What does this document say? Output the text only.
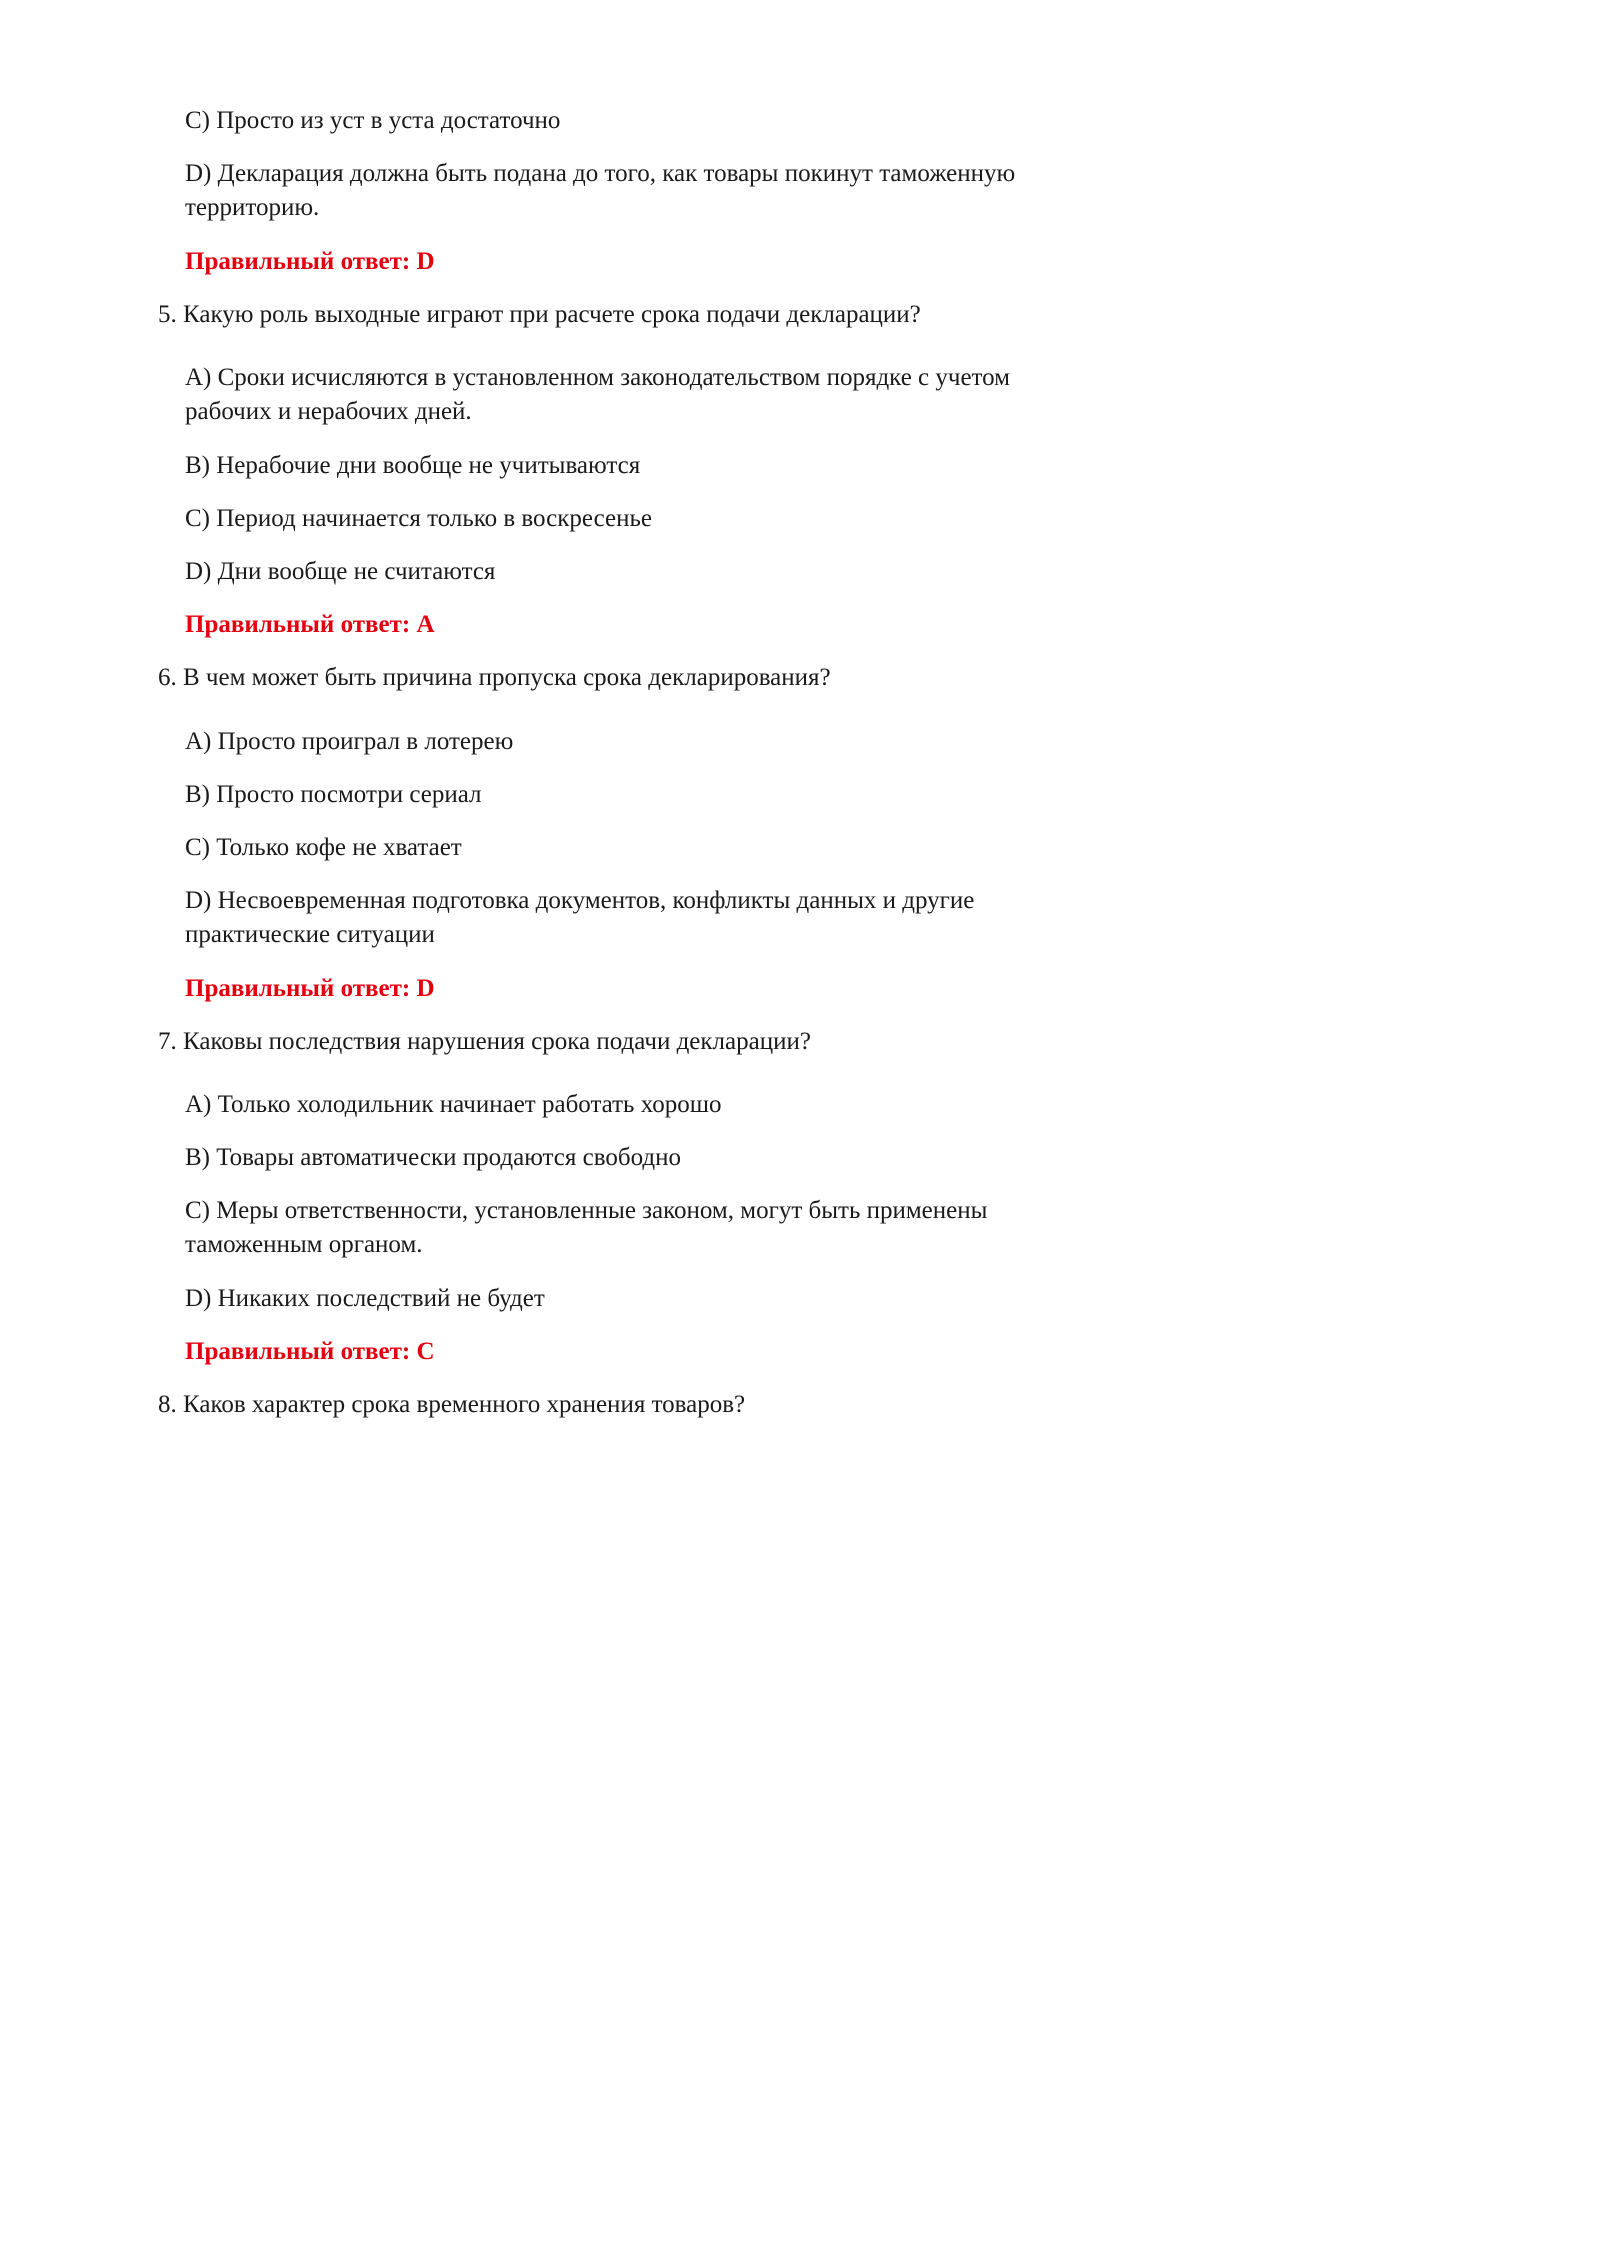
C) Просто из уст в уста достаточно
D) Декларация должна быть подана до того, как товары покинут таможенную территорию.
Правильный ответ: D
5. Какую роль выходные играют при расчете срока подачи декларации?
A) Сроки исчисляются в установленном законодательством порядке с учетом рабочих и нерабочих дней.
B) Нерабочие дни вообще не учитываются
C) Период начинается только в воскресенье
D) Дни вообще не считаются
Правильный ответ: A
6. В чем может быть причина пропуска срока декларирования?
A) Просто проиграл в лотерею
B) Просто посмотри сериал
C) Только кофе не хватает
D) Несвоевременная подготовка документов, конфликты данных и другие практические ситуации
Правильный ответ: D
7. Каковы последствия нарушения срока подачи декларации?
A) Только холодильник начинает работать хорошо
B) Товары автоматически продаются свободно
C) Меры ответственности, установленные законом, могут быть применены таможенным органом.
D) Никаких последствий не будет
Правильный ответ: C
8. Каков характер срока временного хранения товаров?
